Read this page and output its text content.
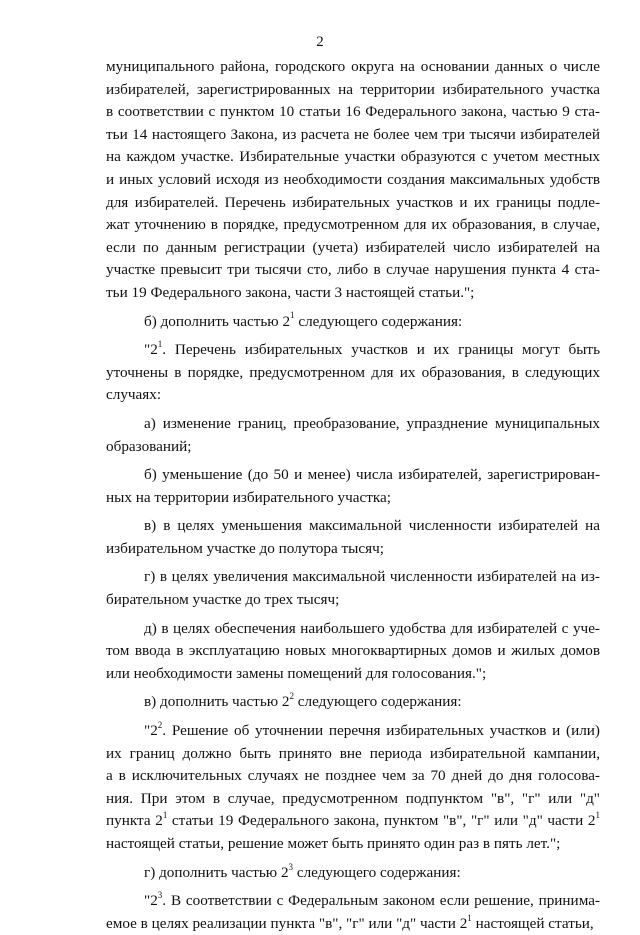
2
муниципального района, городского округа на основании данных о числе
избирателей, зарегистрированных на территории избирательного участка
в соответствии с пунктом 10 статьи 16 Федерального закона, частью 9 ста-
тьи 14 настоящего Закона, из расчета не более чем три тысячи избирателей
на каждом участке. Избирательные участки образуются с учетом местных
и иных условий исходя из необходимости создания максимальных удобств
для избирателей. Перечень избирательных участков и их границы подле-
жат уточнению в порядке, предусмотренном для их образования, в случае,
если по данным регистрации (учета) избирателей число избирателей на
участке превысит три тысячи сто, либо в случае нарушения пункта 4 ста-
тьи 19 Федерального закона, части 3 настоящей статьи.";
б) дополнить частью $2^1$ следующего содержания:
"$2^1$. Перечень избирательных участков и их границы могут быть
уточнены в порядке, предусмотренном для их образования, в следующих
случаях:
а) изменение границ, преобразование, упразднение муниципальных
образований;
б) уменьшение (до 50 и менее) числа избирателей, зарегистрирован-
ных на территории избирательного участка;
в) в целях уменьшения максимальной численности избирателей на
избирательном участке до полутора тысяч;
г) в целях увеличения максимальной численности избирателей на из-
бирательном участке до трех тысяч;
д) в целях обеспечения наибольшего удобства для избирателей с уче-
том ввода в эксплуатацию новых многоквартирных домов и жилых домов
или необходимости замены помещений для голосования.";
в) дополнить частью $2^2$ следующего содержания:
"$2^2$. Решение об уточнении перечня избирательных участков и (или)
их границ должно быть принято вне периода избирательной кампании,
а в исключительных случаях не позднее чем за 70 дней до дня голосова-
ния. При этом в случае, предусмотренном подпунктом "в", "г" или "д"
пункта $2^1$ статьи 19 Федерального закона, пунктом "в", "г" или "д" части $2^1$
настоящей статьи, решение может быть принято один раз в пять лет.";
г) дополнить частью $2^3$ следующего содержания:
"$2^3$. В соответствии с Федеральным законом если решение, принима-
емое в целях реализации пункта "в", "г" или "д" части $2^1$ настоящей статьи,
